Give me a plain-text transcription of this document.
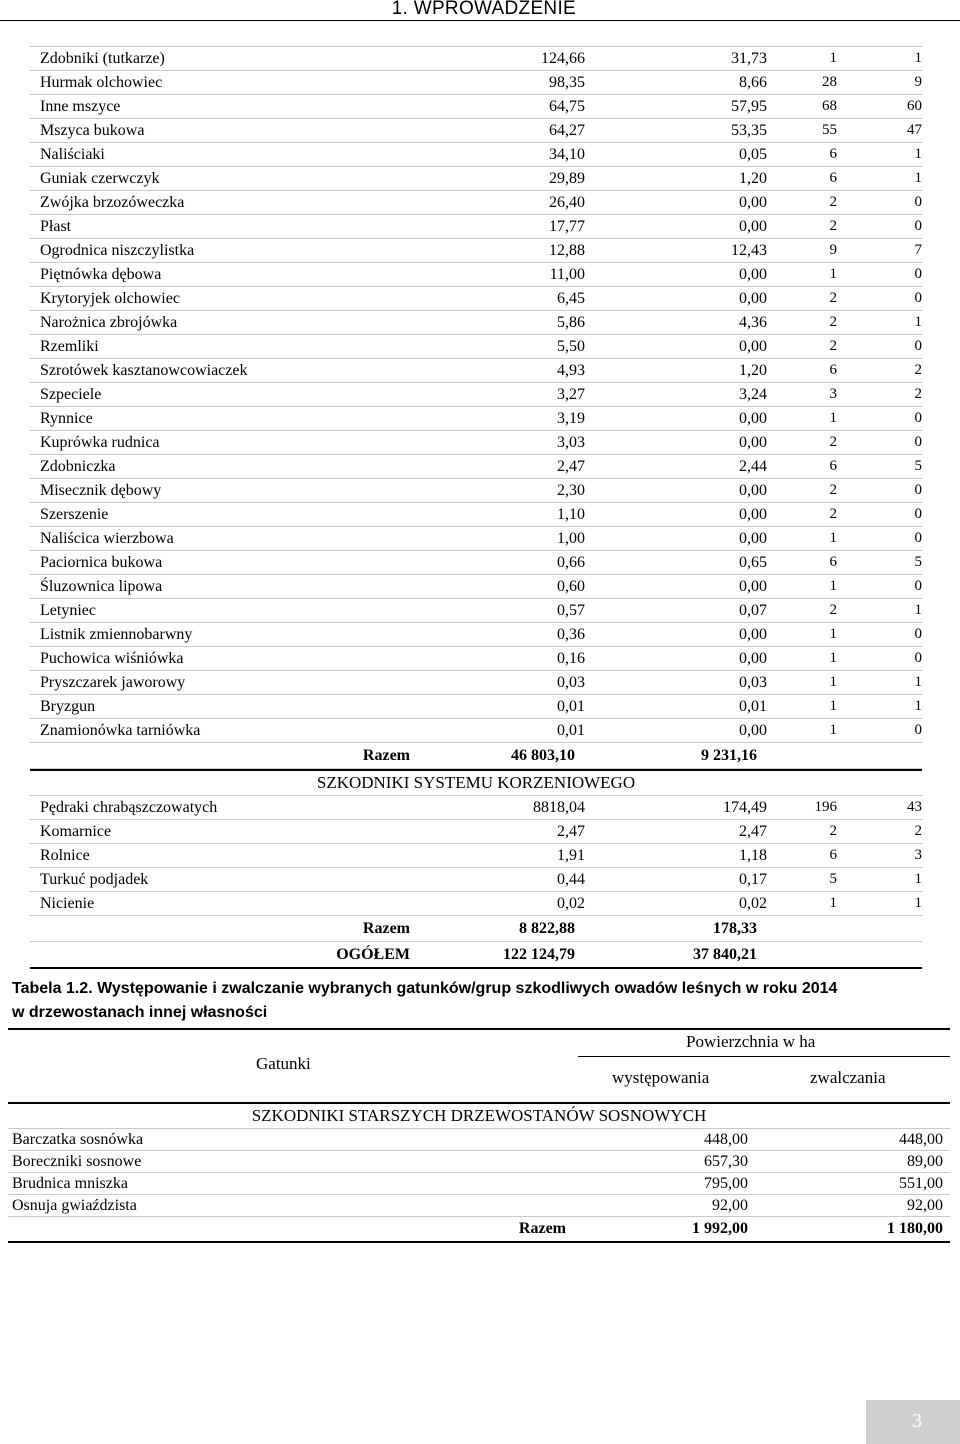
1. WPROWADZENIE
Zdobniki (tutkarze)	124,66	31,73	1	1
Hurmak olchowiec	98,35	8,66	28	9
Inne mszyce	64,75	57,95	68	60
Mszyca bukowa	64,27	53,35	55	47
Naliściaki	34,10	0,05	6	1
Guniak czerwczyk	29,89	1,20	6	1
Zwójka brzozóweczka	26,40	0,00	2	0
Płast	17,77	0,00	2	0
Ogrodnica niszczylistka	12,88	12,43	9	7
Piętnówka dębowa	11,00	0,00	1	0
Krytoryjek olchowiec	6,45	0,00	2	0
Narożnica zbrojówka	5,86	4,36	2	1
Rzemliki	5,50	0,00	2	0
Szrotówek kasztanowcowiaczek	4,93	1,20	6	2
Szpeciele	3,27	3,24	3	2
Rynnice	3,19	0,00	1	0
Kuprówka rudnica	3,03	0,00	2	0
Zdobniczka	2,47	2,44	6	5
Misecznik dębowy	2,30	0,00	2	0
Szerszenie	1,10	0,00	2	0
Naliścica wierzbowa	1,00	0,00	1	0
Paciornica bukowa	0,66	0,65	6	5
Śluzownica lipowa	0,60	0,00	1	0
Letyniec	0,57	0,07	2	1
Listnik zmiennobarwny	0,36	0,00	1	0
Puchowica wiśniówka	0,16	0,00	1	0
Pryszczarek jaworowy	0,03	0,03	1	1
Bryzgun	0,01	0,01	1	1
Znamionówka tarniówka	0,01	0,00	1	0
Razem	46 803,10	9 231,16
SZKODNIKI SYSTEMU KORZENIOWEGO
Pędraki chrabąszczowatych	8818,04	174,49	196	43
Komarnice	2,47	2,47	2	2
Rolnice	1,91	1,18	6	3
Turkuć podjadek	0,44	0,17	5	1
Nicienie	0,02	0,02	1	1
Razem	8 822,88	178,33
OGÓŁEM	122 124,79	37 840,21
Tabela 1.2. Występowanie i zwalczanie wybranych gatunków/grup szkodliwych owadów leśnych w roku 2014
w drzewostanach innej własności
Gatunki
Powierzchnia w ha
występowania	zwalczania
SZKODNIKI STARSZYCH DRZEWOSTANÓW SOSNOWYCH
Barczatka sosnówka	448,00	448,00
Boreczniki sosnowe	657,30	89,00
Brudnica mniszka	795,00	551,00
Osnuja gwiaździsta	92,00	92,00
Razem	1 992,00	1 180,00
3
